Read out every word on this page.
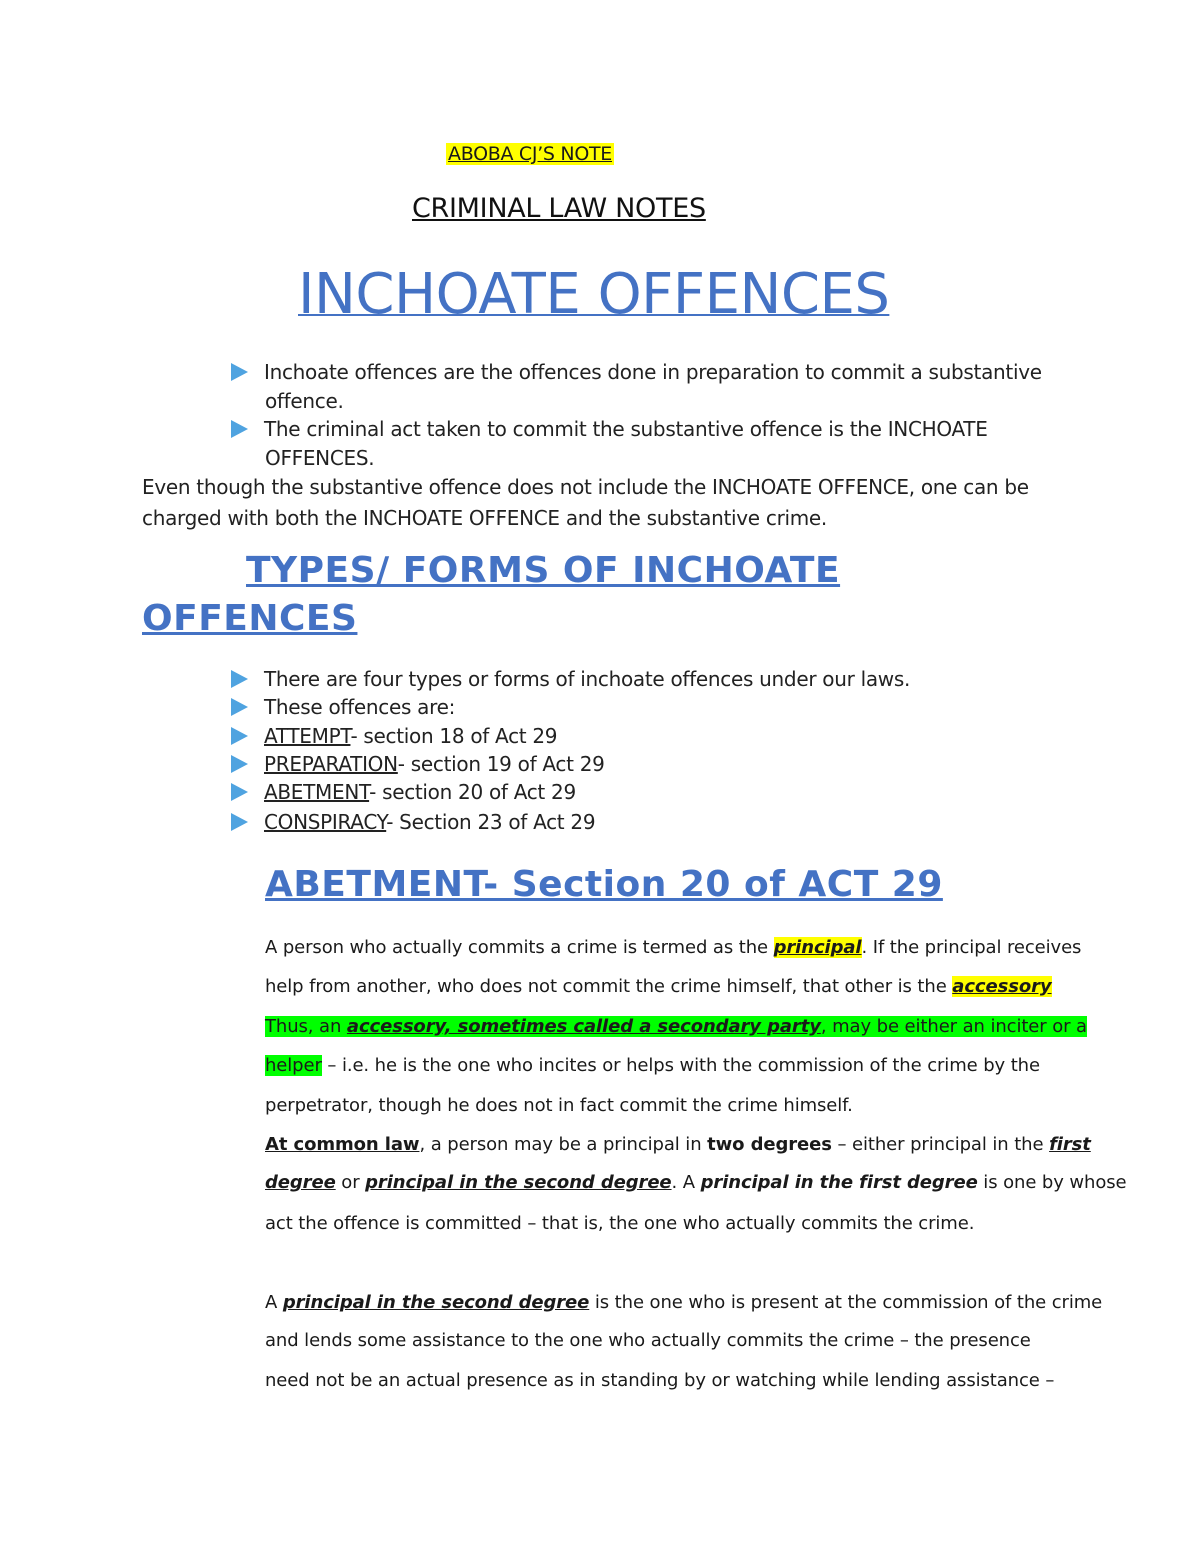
ABOBA CJ’S NOTE
CRIMINAL LAW NOTES
INCHOATE OFFENCES
Inchoate offences are the offences done in preparation to commit a substantive
offence.
The criminal act taken to commit the substantive offence is the INCHOATE
OFFENCES.
Even though the substantive offence does not include the INCHOATE OFFENCE, one can be
charged with both the INCHOATE OFFENCE and the substantive crime.
TYPES/ FORMS OF INCHOATE
OFFENCES
There are four types or forms of inchoate offences under our laws.
These offences are:
ATTEMPT- section 18 of Act 29
PREPARATION- section 19 of Act 29
ABETMENT- section 20 of Act 29
CONSPIRACY- Section 23 of Act 29
ABETMENT- Section 20 of ACT 29
A person who actually commits a crime is termed as the principal. If the principal receives
help from another, who does not commit the crime himself, that other is the accessory
Thus, an accessory, sometimes called a secondary party, may be either an inciter or a
helper – i.e. he is the one who incites or helps with the commission of the crime by the
perpetrator, though he does not in fact commit the crime himself.
At common law, a person may be a principal in two degrees – either principal in the first
degree or principal in the second degree. A principal in the first degree is one by whose
act the offence is committed – that is, the one who actually commits the crime.
A principal in the second degree is the one who is present at the commission of the crime
and lends some assistance to the one who actually commits the crime – the presence
need not be an actual presence as in standing by or watching while lending assistance –
